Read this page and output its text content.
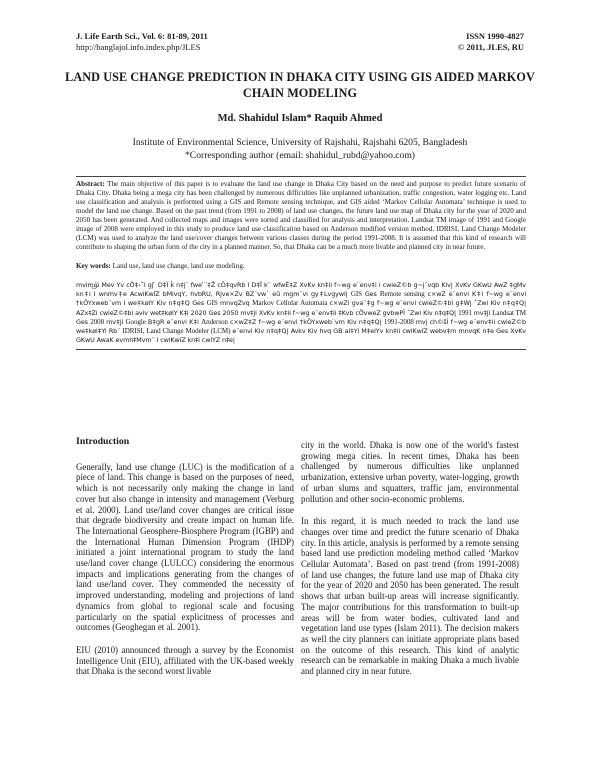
J. Life Earth Sci., Vol. 6: 81-89, 2011
http://banglajol.info.index.php/JLES
ISSN 1990-4827
© 2011, JLES, RU
LAND USE CHANGE PREDICTION IN DHAKA CITY USING GIS AIDED MARKOV CHAIN MODELING
Md. Shahidul Islam* Raquib Ahmed
Institute of Environmental Science, University of Rajshahi, Rajshahi 6205, Bangladesh
*Corresponding author (email: shahidul_rubd@yahoo.com)

Abstract: The main objective of this paper is to evaluate the land use change in Dhaka City based on the need and purpose to predict future scenario of Dhaka City. Dhaka being a mega city has been challenged by numerous difficulties like unplanned urbanization, traffic congestion, water logging etc. Land use classification and analysis is performed using a GIS and Remote sensing technique, and GIS aided ‘Markov Cellular Automata’ technique is used to model the land use change. Based on the past trend (from 1991 to 2008) of land use changes, the future land use map of Dhaka city for the year of 2020 and 2050 has been generated. And collected maps and images were sorted and classified for analysis and interpretation. Landsat TM image of 1991 and Google image of 2008 were employed in this study to produce land use classification based on Anderson modified version method. IDRISI, Land Change Modeler (LCM) was used to analyze the land use/cover changes between various classes during the period 1991-2008. It is assumed that this kind of research will contribute to shaping the urban form of the city in a planned manner. So, that Dhaka can be a much more livable and planned city in near future.

Key words: Land use, land use change, land use modeling.

mvim̢ﯴ Mev Yv cÖ̆‡›`̆l gj ̓ D‡Ï k̓ n‡j¨ fwe ̓¨‡Z̓ cÖ‡qvRb I D‡Ï k¨ wfwË‡Z XvKv kn‡ii f~wg e¨env‡i i cwieZ©b g~j¨vqb Kiv| XvKv GKwU AwZ ‡gMv kn‡i I wnmv‡e AcwiKwíZ bMivqY, hvbRU, Rjve×Zv BZ¨vw` eû mgm¨vi gy‡Lvgywl| GIS Ges Remote sensing c×wZ e¨envi K‡i f~wg e¨envi †kÖYxweb¨vm I we‡kølY Kiv n‡q‡Q Ges GIS mnvqZvq Markov Cellular Automata c×wZi gva¨‡g f~wg e¨envi cwieZ©‡bi g‡Wj ˆZwi Kiv n‡q‡Q| AZx‡Zi cwieZ©‡bi aviv wet‡kølY K‡i 2020 Ges 2050 mv‡ji XvKv kn‡ii f~wg e¨env‡ii ‡Kvb cÖ̆vweZ gvbwPÎ ˆZwi Kiv n‡q‡Q| 1991 mv‡ji Landsat TM Ges 2008 mv‡ji Google B‡gR e¨envi K‡i Anderson c×wZ‡Z f~wg e¨envi †kÖYxweb¨vm Kiv n‡q‡Q| 1991-2008 mvj ch©šÍ f~wg e¨env‡ii cwieZ©b we‡køl‡Yi Rb¨ IDRISI, Land Change Modeler (LCM) e¨envi Kiv n‡q‡Q| Avkv Kiv hvq GB ai‡Yi M‡elYv kn‡ii cwiKwíZ webv‡m mnvqK n‡e Ges XvKv GKwU AwaK evmh‡Mvm¨ I cwiKwíZ kn‡i cwiYZ n‡e|

Introduction

Generally, land use change (LUC) is the modification of a piece of land. This change is based on the purposes of need, which is not necessarily only making the change in land cover but also change in intensity and management (Verburg et al. 2000). Land use/land cover changes are critical issue that degrade biodiversity and create impact on human life. The International Geosphere-Biosphere Program (IGBP) and the International Human Dimension Program (IHDP) initiated a joint international program to study the land use/land cover change (LULCC) considering the enormous impacts and implications generating from the changes of land use/land cover. They commended the necessity of improved understanding, modeling and projections of land dynamics from global to regional scale and focusing particularly on the spatial explicitness of processes and outcomes (Geoghegan et al. 2001).

EIU (2010) announced through a survey by the Economist Intelligence Unit (EIU), affiliated with the UK-based weekly that Dhaka is the second worst livable

city in the world. Dhaka is now one of the world's fastest growing mega cities. In recent times, Dhaka has been challenged by numerous difficulties like unplanned urbanization, extensive urban poverty, water-logging, growth of urban slums and squatters, traffic jam, environmental pollution and other socio-economic problems.

In this regard, it is much needed to track the land use changes over time and predict the future scenario of Dhaka city. In this article, analysis is performed by a remote sensing based land use prediction modeling method called ‘Markov Cellular Automata’. Based on past trend (from 1991-2008) of land use changes, the future land use map of Dhaka city for the year of 2020 and 2050 has been generated. The result shows that urban built-up areas will increase significantly. The major contributions for this transformation to built-up areas will be from water bodies, cultivated land and vegetation land use types (Islam 2011). The decision makers as well the city planners can initiate appropriate plans based on the outcome of this research. This kind of analytic research can be remarkable in making Dhaka a much livable and planned city in near future.
